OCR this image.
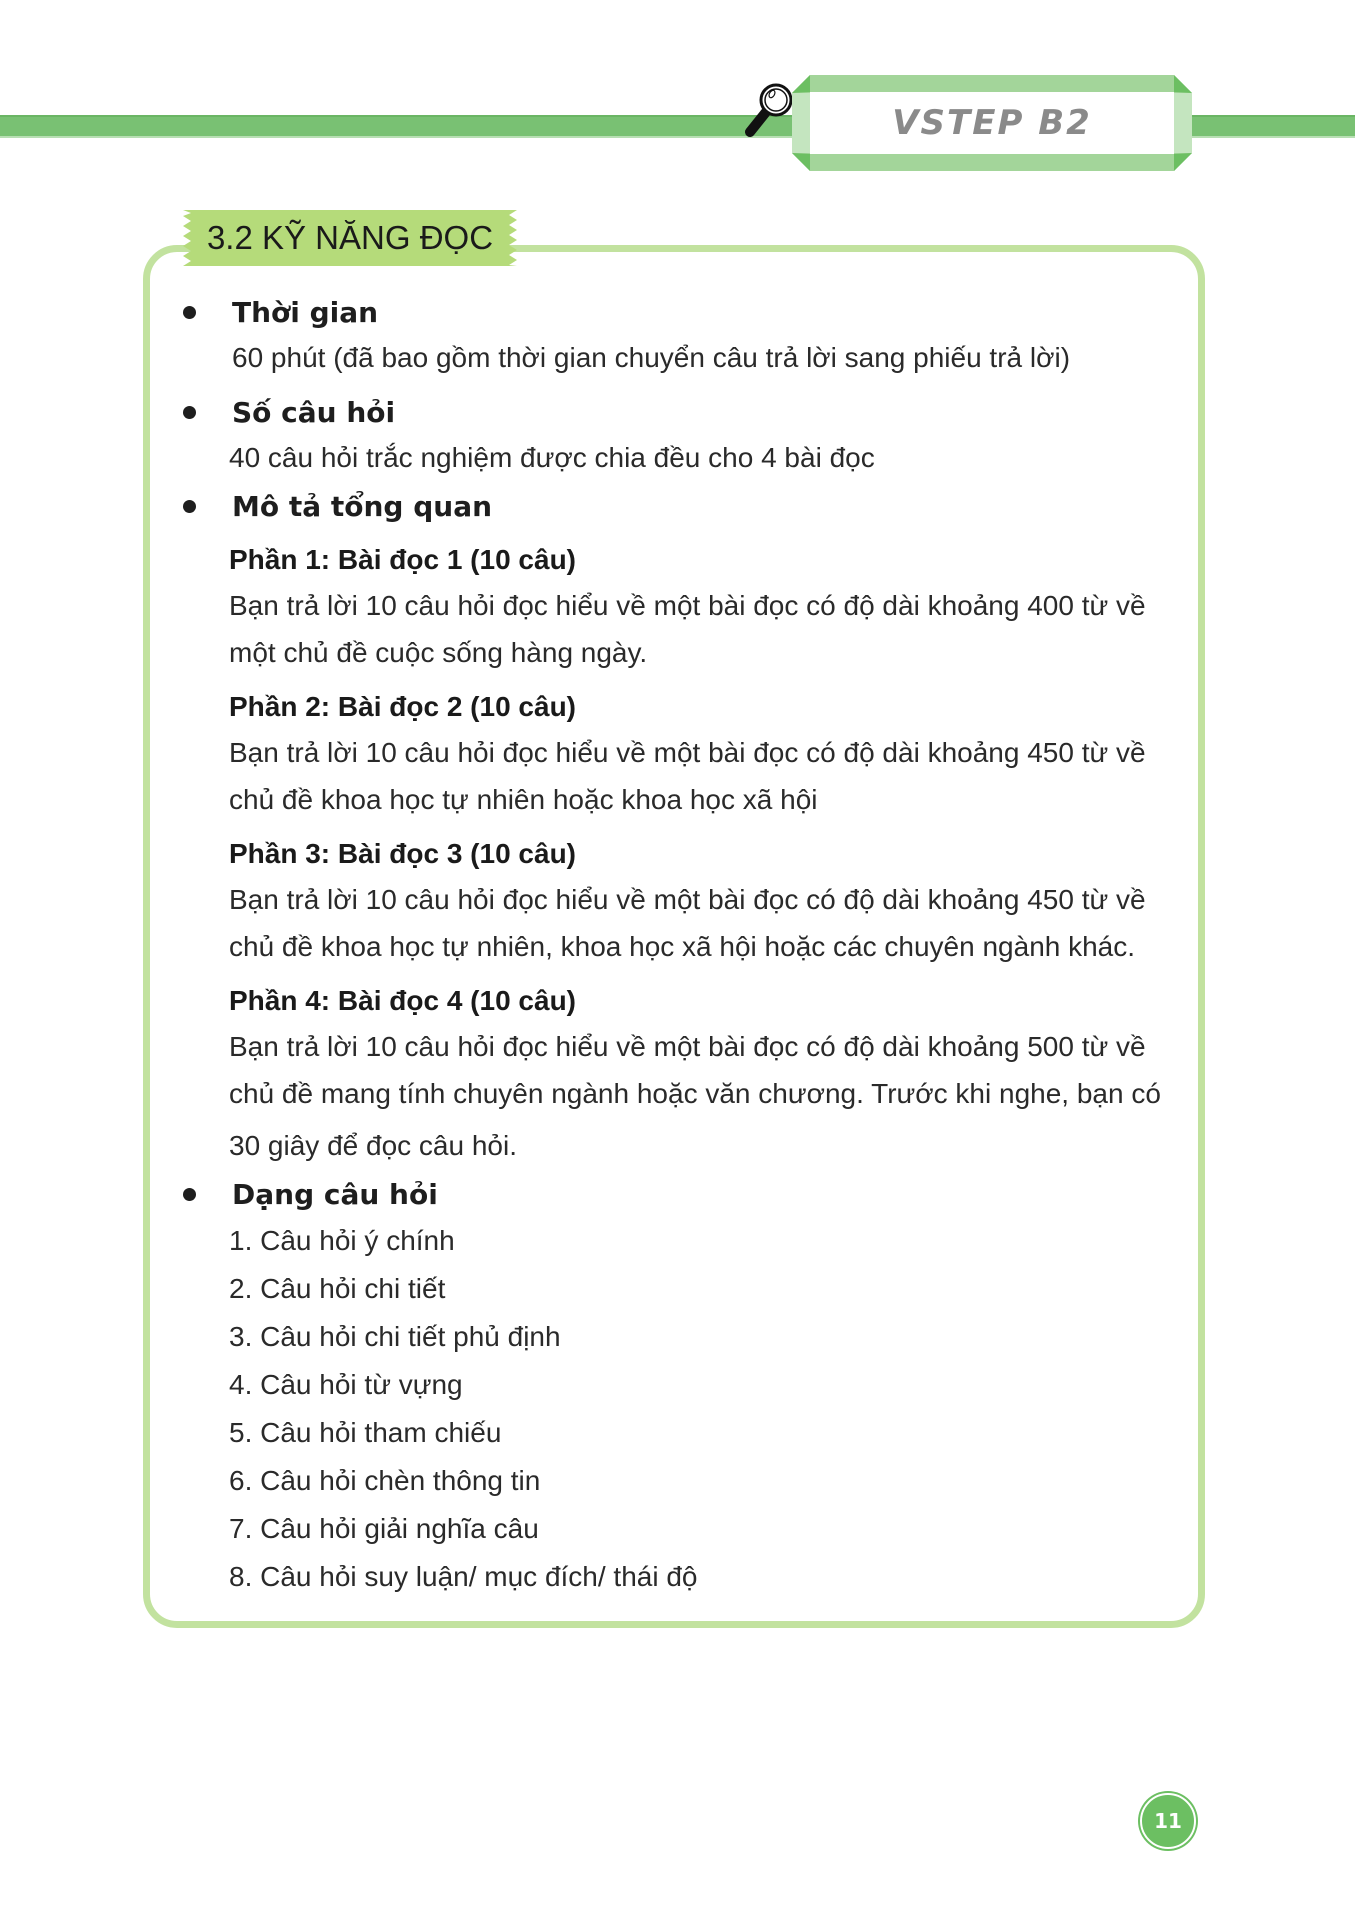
VSTEP B2
3.2 KỸ NĂNG ĐỌC
Thời gian
60 phút (đã bao gồm thời gian chuyển câu trả lời sang phiếu trả lời)
Số câu hỏi
40 câu hỏi trắc nghiệm được chia đều cho 4 bài đọc
Mô tả tổng quan
Phần 1: Bài đọc 1 (10 câu)
Bạn trả lời 10 câu hỏi đọc hiểu về một bài đọc có độ dài khoảng 400 từ về
một chủ đề cuộc sống hàng ngày.
Phần 2: Bài đọc 2 (10 câu)
Bạn trả lời 10 câu hỏi đọc hiểu về một bài đọc có độ dài khoảng 450 từ về
chủ đề khoa học tự nhiên hoặc khoa học xã hội
Phần 3: Bài đọc 3 (10 câu)
Bạn trả lời 10 câu hỏi đọc hiểu về một bài đọc có độ dài khoảng 450 từ về
chủ đề khoa học tự nhiên, khoa học xã hội hoặc các chuyên ngành khác.
Phần 4: Bài đọc 4 (10 câu)
Bạn trả lời 10 câu hỏi đọc hiểu về một bài đọc có độ dài khoảng 500 từ về
chủ đề mang tính chuyên ngành hoặc văn chương. Trước khi nghe, bạn có
30 giây để đọc câu hỏi.
Dạng câu hỏi
1. Câu hỏi ý chính
2. Câu hỏi chi tiết
3. Câu hỏi chi tiết phủ định
4. Câu hỏi từ vựng
5. Câu hỏi tham chiếu
6. Câu hỏi chèn thông tin
7. Câu hỏi giải nghĩa câu
8. Câu hỏi suy luận/ mục đích/ thái độ
11
